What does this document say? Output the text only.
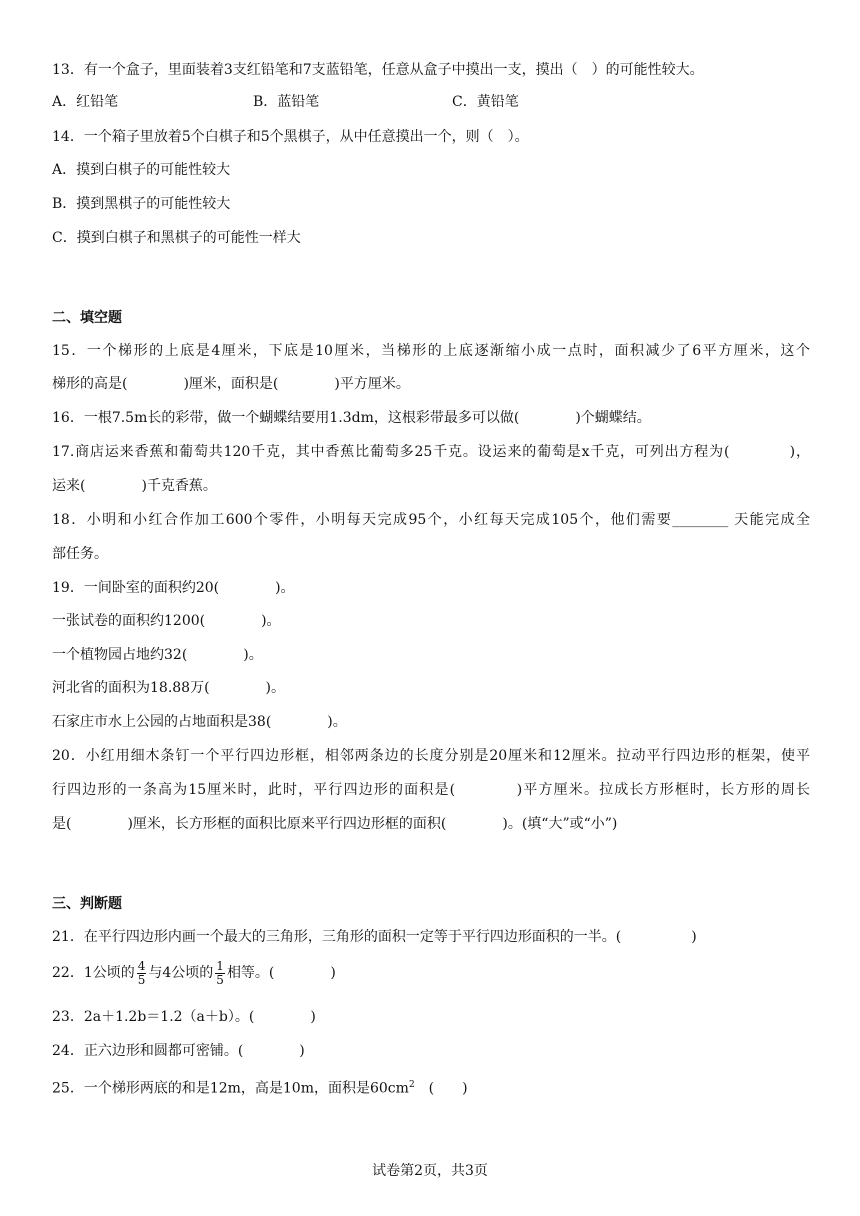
13．有一个盒子，里面装着3支红铅笔和7支蓝铅笔，任意从盒子中摸出一支，摸出（　）的可能性较大。
A．红铅笔	B．蓝铅笔	C．黄铅笔
14．一个箱子里放着5个白棋子和5个黑棋子，从中任意摸出一个，则（　）。
A．摸到白棋子的可能性较大
B．摸到黑棋子的可能性较大
C．摸到白棋子和黑棋子的可能性一样大
二、填空题
15．一个梯形的上底是4厘米，下底是10厘米，当梯形的上底逐渐缩小成一点时，面积减少了6平方厘米，这个
梯形的高是(　　　　)厘米，面积是(　　　　)平方厘米。
16．一根7.5m长的彩带，做一个蝴蝶结要用1.3dm，这根彩带最多可以做(　　　　)个蝴蝶结。
17.商店运来香蕉和葡萄共120千克，其中香蕉比葡萄多25千克。设运来的葡萄是x千克，可列出方程为(　　　　)，
运来(　　　　)千克香蕉。
18．小明和小红合作加工600个零件，小明每天完成95个，小红每天完成105个，他们需要________ 天能完成全
部任务。
19．一间卧室的面积约20(　　　　)。
一张试卷的面积约1200(　　　　)。
一个植物园占地约32(　　　　)。
河北省的面积为18.88万(　　　　)。
石家庄市水上公园的占地面积是38(　　　　)。
20．小红用细木条钉一个平行四边形框，相邻两条边的长度分别是20厘米和12厘米。拉动平行四边形的框架，使平
行四边形的一条高为15厘米时，此时，平行四边形的面积是(　　　　)平方厘米。拉成长方形框时，长方形的周长
是(　　　　)厘米，长方形框的面积比原来平行四边形框的面积(　　　　)。(填“大”或“小”)
三、判断题
21．在平行四边形内画一个最大的三角形，三角形的面积一定等于平行四边形面积的一半。(　　　　　)
22．1公顷的 $\frac{4}{5}$ 与4公顷的 $\frac{1}{5}$ 相等。(　　　　)
23．2a＋1.2b＝1.2（a＋b）。(　　　　)
24．正六边形和圆都可密铺。(　　　　)
25．一个梯形两底的和是12m，高是10m，面积是$60cm^2$　(　　)
试卷第2页，共3页
